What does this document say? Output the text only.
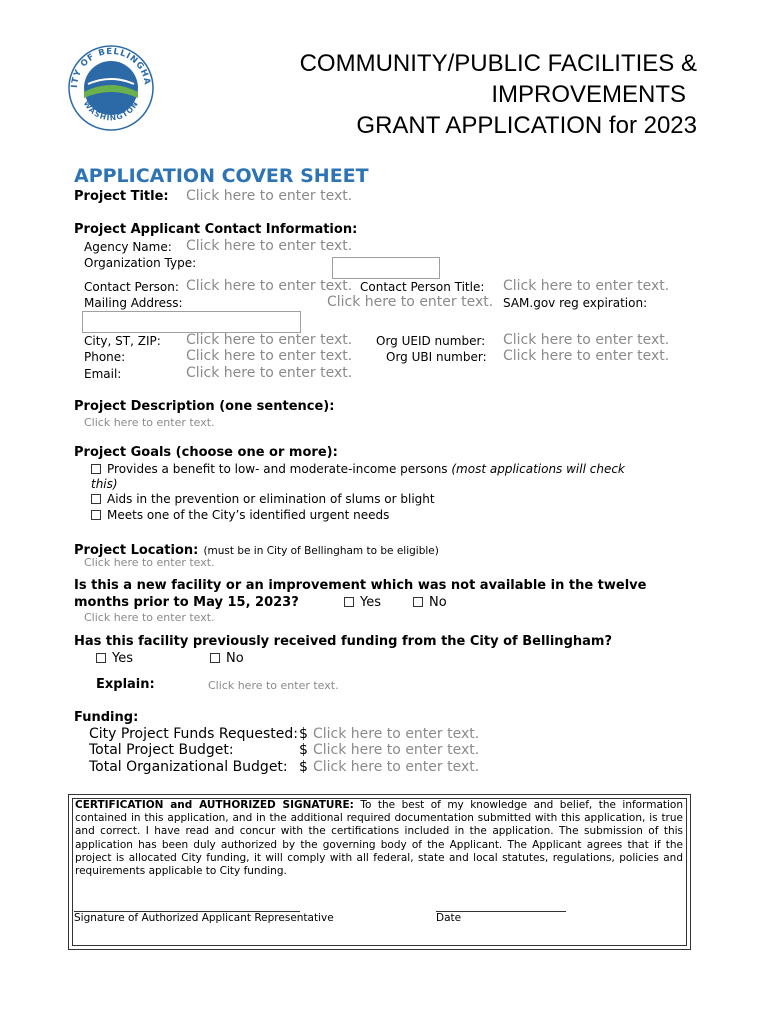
ITY OF BELLINGHA
WASHINGTON
COMMUNITY/PUBLIC FACILITIES &
IMPROVEMENTS
GRANT APPLICATION for 2023
APPLICATION COVER SHEET
Project Title: Click here to enter text.
Project Applicant Contact Information:
Agency Name: Click here to enter text.
Organization Type:
Contact Person: Click here to enter text. Contact Person Title: Click here to enter text.
Mailing Address:	Click here to enter text. SAM.gov reg expiration:
City, ST, ZIP: Click here to enter text. Org UEID number: Click here to enter text.
Phone:	Click here to enter text.	Org UBI number: Click here to enter text.
Email:	Click here to enter text.
Project Description (one sentence):
Click here to enter text.
Project Goals (choose one or more):
Provides a benefit to low- and moderate-income persons (most applications will check
this)
Aids in the prevention or elimination of slums or blight
Meets one of the City’s identified urgent needs
Project Location: (must be in City of Bellingham to be eligible)
Click here to enter text.
Is this a new facility or an improvement which was not available in the twelve
months prior to May 15, 2023?	Yes	No
Click here to enter text.
Has this facility previously received funding from the City of Bellingham?
Yes	No
Explain:	Click here to enter text.
Funding:
City Project Funds Requested: $ Click here to enter text.
Total Project Budget:	$ Click here to enter text.
Total Organizational Budget: $ Click here to enter text.
CERTIFICATION and AUTHORIZED SIGNATURE: To the best of my knowledge and belief, the information contained in this application, and in the additional required documentation submitted with this application, is true and correct. I have read and concur with the certifications included in the application. The submission of this application has been duly authorized by the governing body of the Applicant. The Applicant agrees that if the project is allocated City funding, it will comply with all federal, state and local statutes, regulations, policies and requirements applicable to City funding.
Signature of Authorized Applicant Representative	Date
